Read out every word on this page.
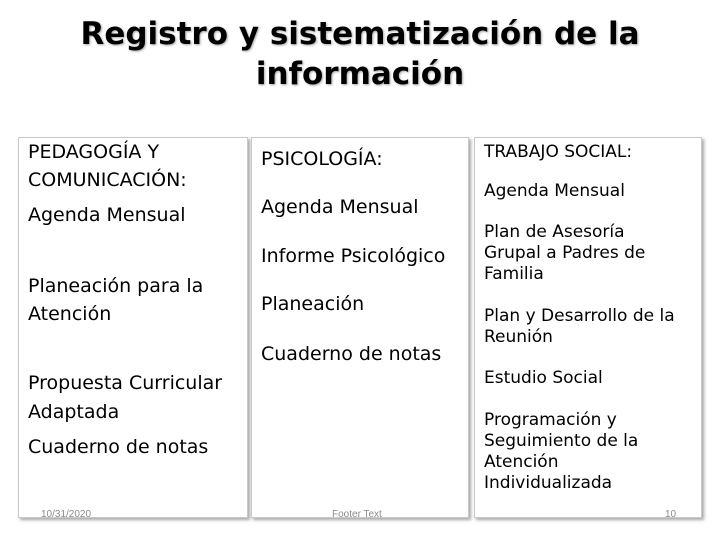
Registro y sistematización de la
información

PEDAGOGÍA Y

COMUNICACIÓN:

Agenda Mensual

Planeación para la

Atención

Propuesta Curricular

Adaptada

Cuaderno de notas

10/31/2020

PSICOLOGÍA:

Agenda Mensual

Informe Psicológico

Planeación

Cuaderno de notas

Footer Text

TRABAJO SOCIAL:

Agenda Mensual

Plan de Asesoría

Grupal a Padres de

Familia

Plan y Desarrollo de la

Reunión

Estudio Social

Programación y

Seguimiento de la

Atención

Individualizada

10
